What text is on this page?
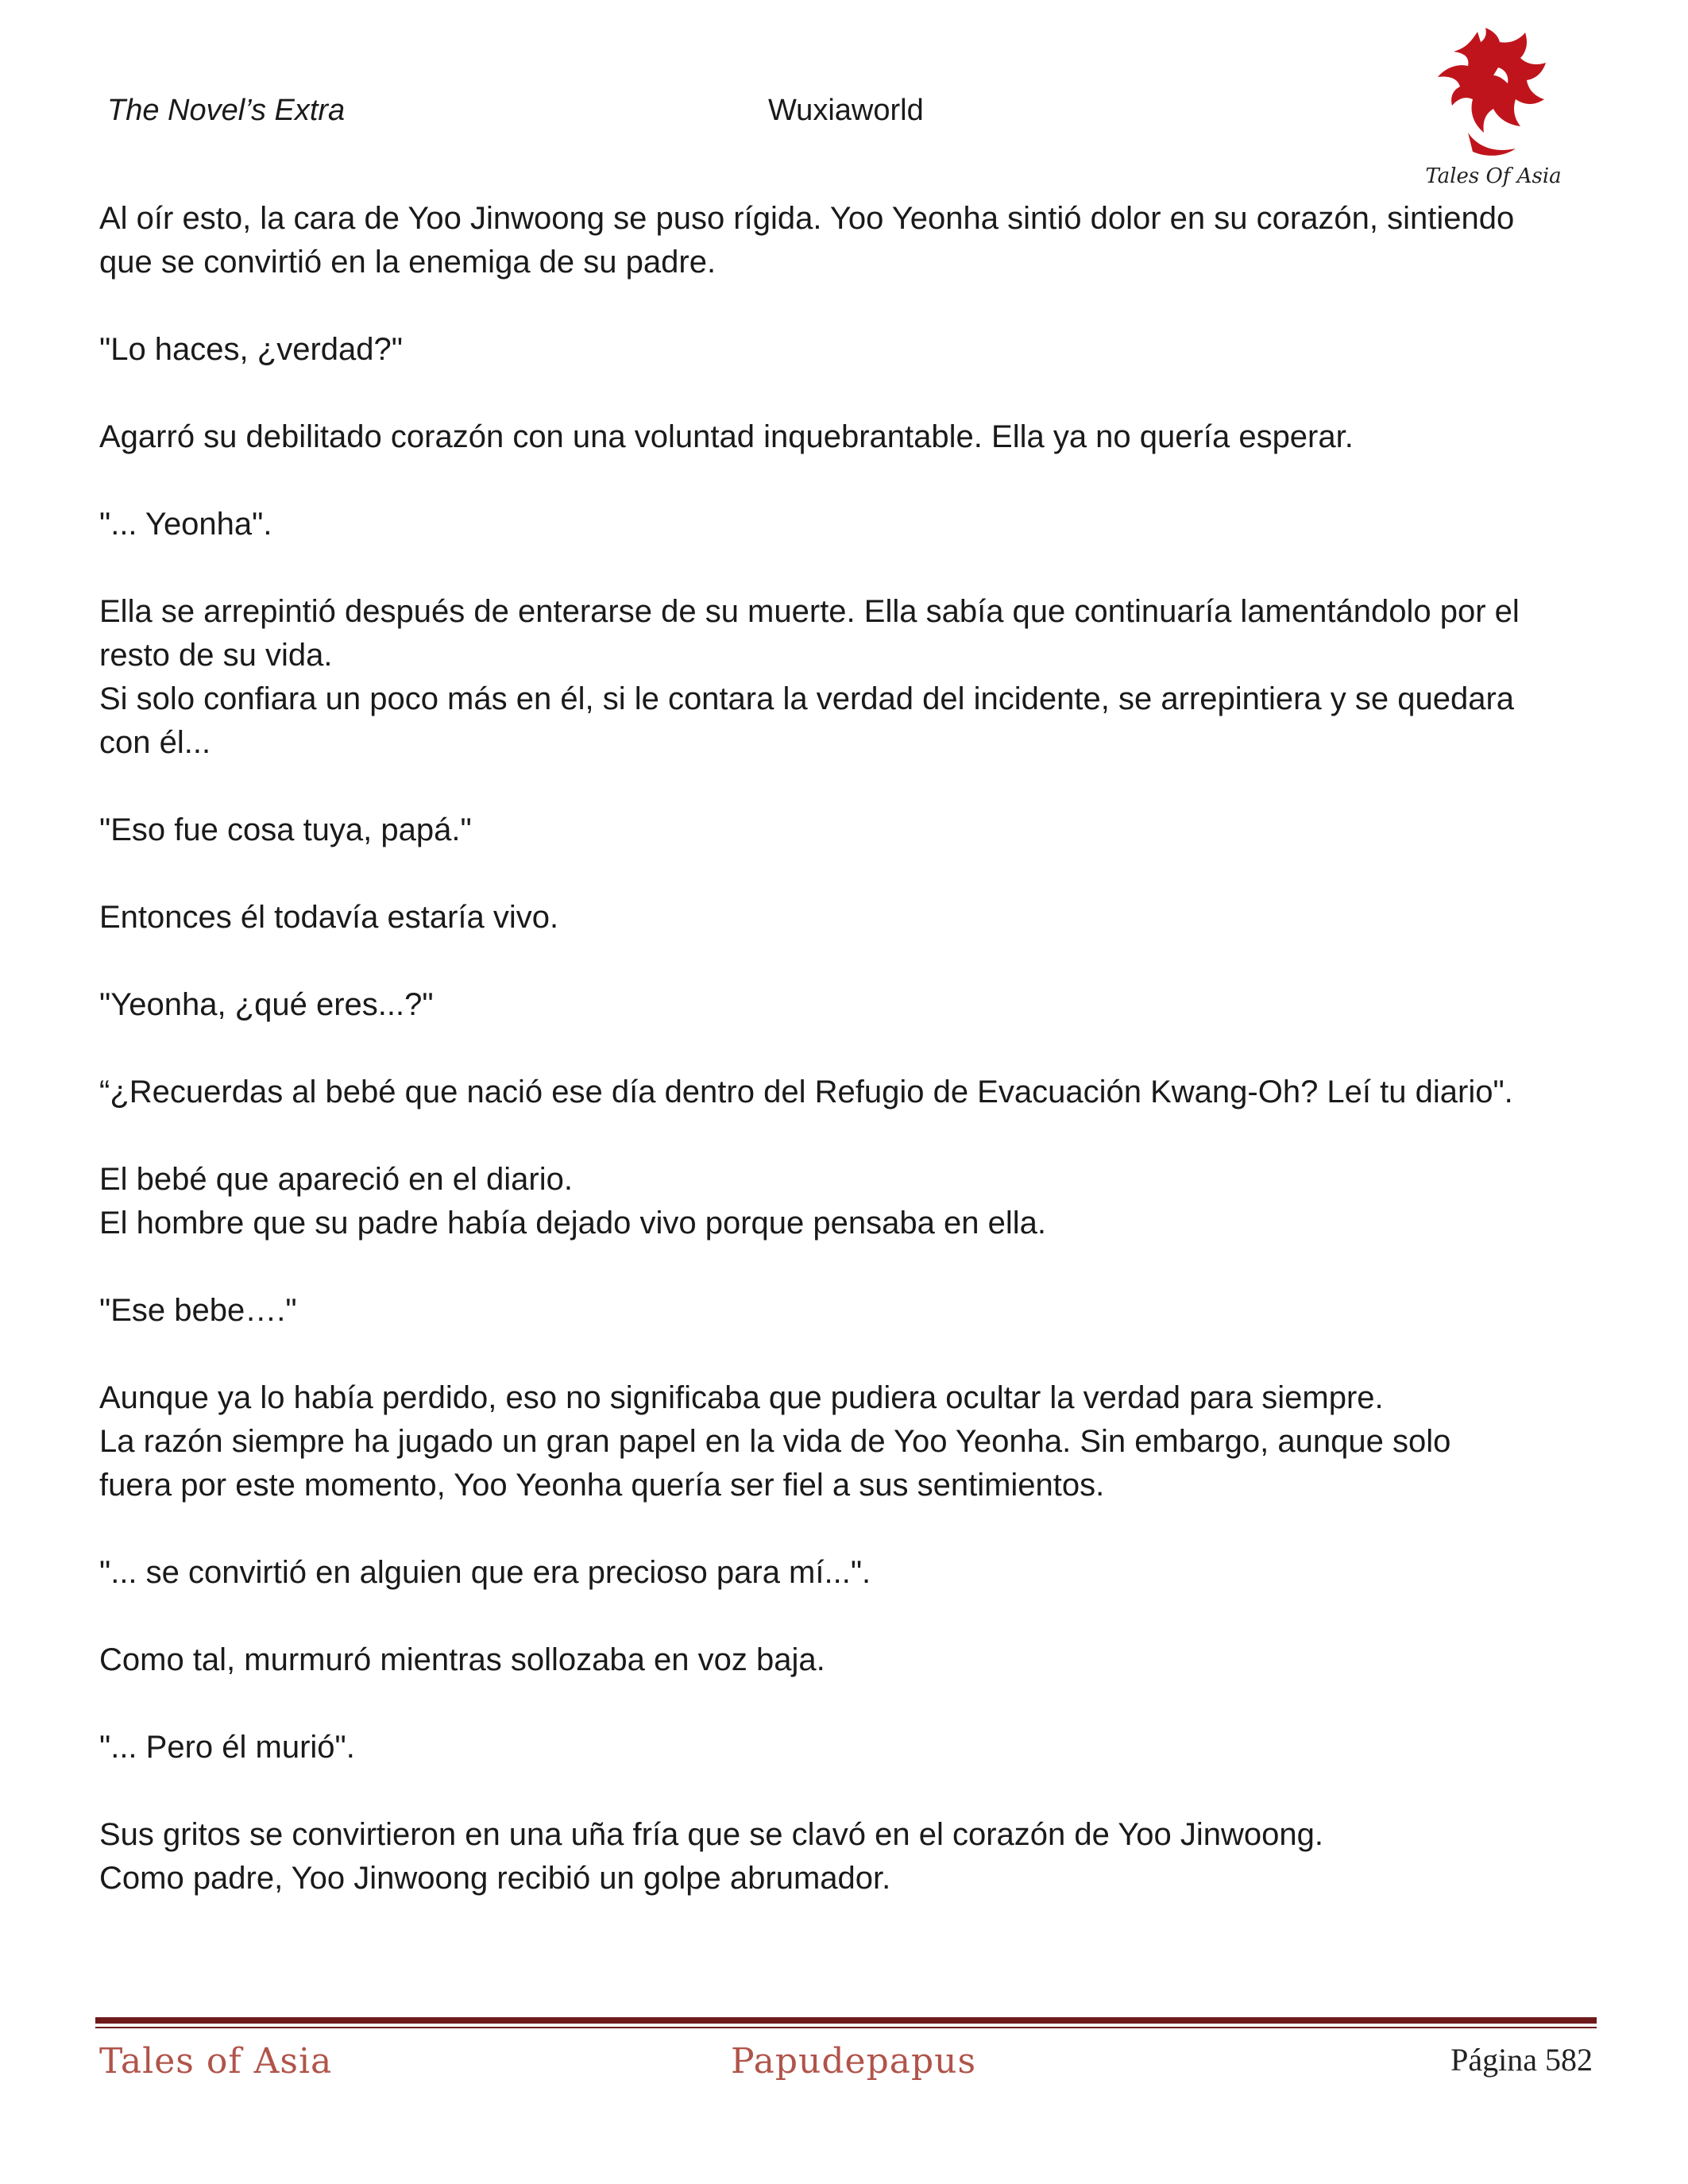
The Novel’s Extra	Wuxiaworld
Tales Of Asia
Al oír esto, la cara de Yoo Jinwoong se puso rígida. Yoo Yeonha sintió dolor en su corazón, sintiendo
que se convirtió en la enemiga de su padre.
"Lo haces, ¿verdad?"
Agarró su debilitado corazón con una voluntad inquebrantable. Ella ya no quería esperar.
"... Yeonha".
Ella se arrepintió después de enterarse de su muerte. Ella sabía que continuaría lamentándolo por el
resto de su vida.
Si solo confiara un poco más en él, si le contara la verdad del incidente, se arrepintiera y se quedara
con él...
"Eso fue cosa tuya, papá."
Entonces él todavía estaría vivo.
"Yeonha, ¿qué eres...?"
“¿Recuerdas al bebé que nació ese día dentro del Refugio de Evacuación Kwang-Oh? Leí tu diario".
El bebé que apareció en el diario.
El hombre que su padre había dejado vivo porque pensaba en ella.
"Ese bebe…."
Aunque ya lo había perdido, eso no significaba que pudiera ocultar la verdad para siempre.
La razón siempre ha jugado un gran papel en la vida de Yoo Yeonha. Sin embargo, aunque solo
fuera por este momento, Yoo Yeonha quería ser fiel a sus sentimientos.
"... se convirtió en alguien que era precioso para mí...".
Como tal, murmuró mientras sollozaba en voz baja.
"... Pero él murió".
Sus gritos se convirtieron en una uña fría que se clavó en el corazón de Yoo Jinwoong.
Como padre, Yoo Jinwoong recibió un golpe abrumador.
Tales of Asia	Papudepapus	Página 582
